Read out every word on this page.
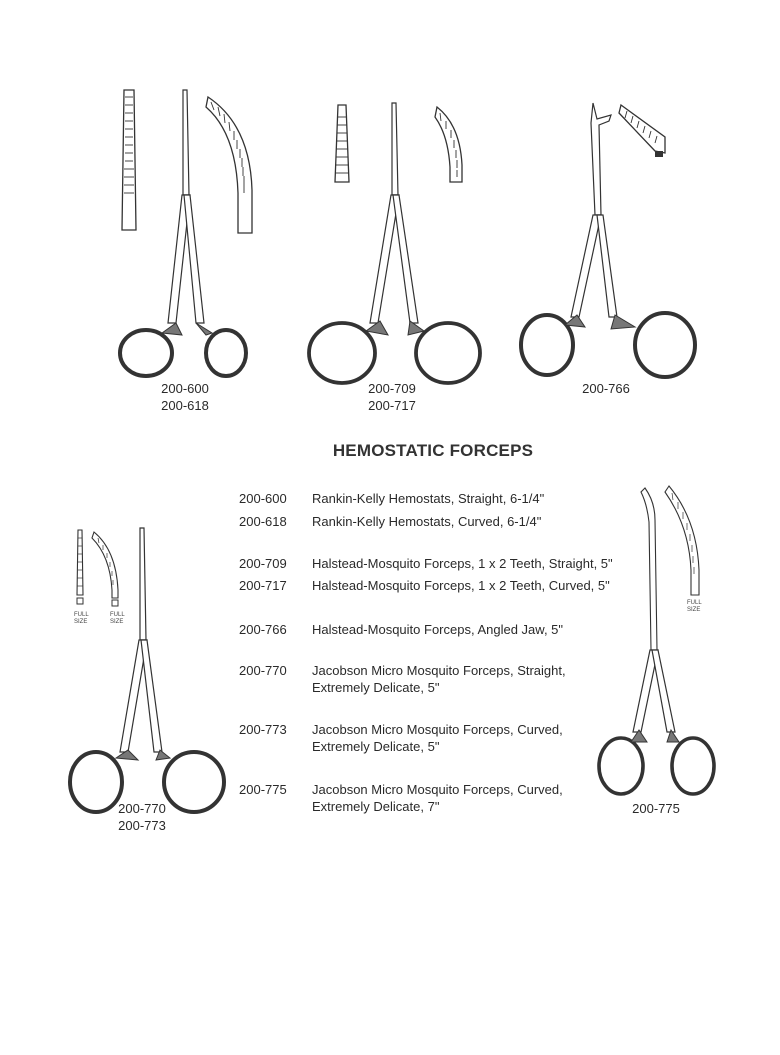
200-600
200-618
200-709
200-717
200-766
HEMOSTATIC FORCEPS
FULL
SIZE
FULL
SIZE
200-770
200-773
FULL
SIZE
200-775
200-600	Rankin-Kelly Hemostats, Straight, 6-1/4"
200-618	Rankin-Kelly Hemostats, Curved, 6-1/4"
200-709	Halstead-Mosquito Forceps, 1 x 2 Teeth, Straight, 5"
200-717	Halstead-Mosquito Forceps, 1 x 2 Teeth, Curved, 5"
200-766	Halstead-Mosquito Forceps, Angled Jaw, 5"
200-770	Jacobson Micro Mosquito Forceps, Straight,
Extremely Delicate, 5"
200-773	Jacobson Micro Mosquito Forceps, Curved,
Extremely Delicate, 5"
200-775	Jacobson Micro Mosquito Forceps, Curved,
Extremely Delicate, 7"
